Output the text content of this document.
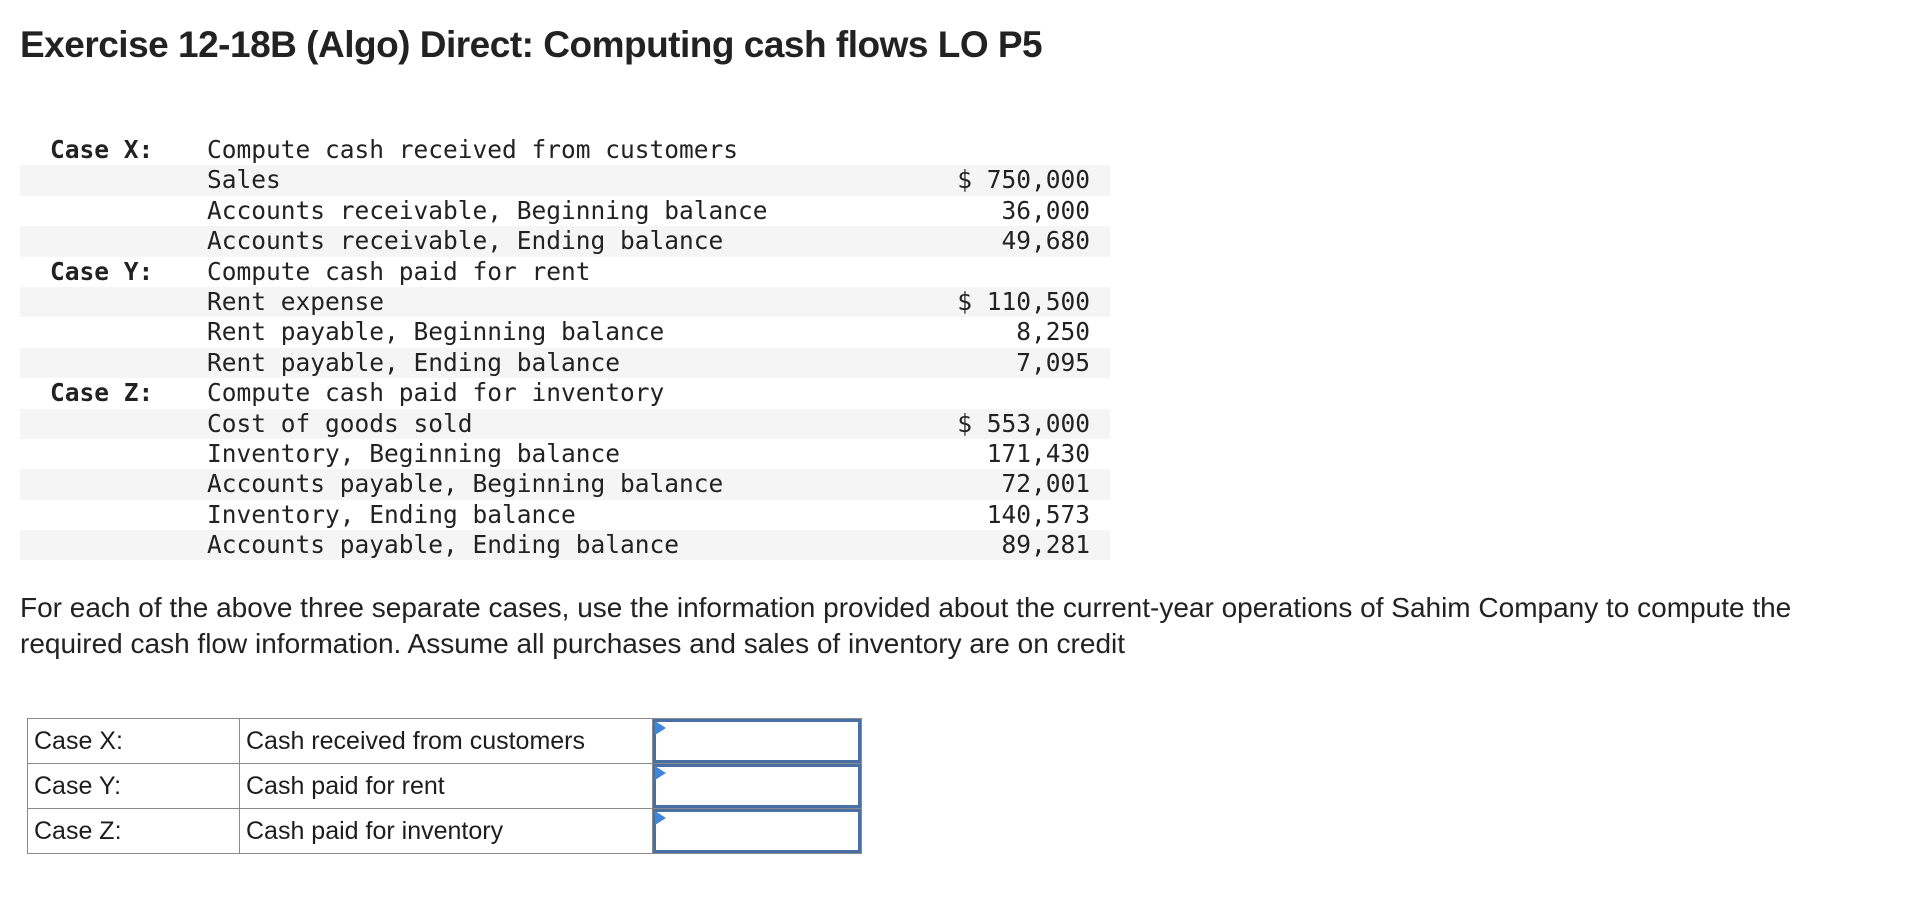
Exercise 12-18B (Algo) Direct: Computing cash flows LO P5
Case X: Compute cash received from customers
Sales	$ 750,000
Accounts receivable, Beginning balance	36,000
Accounts receivable, Ending balance	49,680
Case Y: Compute cash paid for rent
Rent expense	$ 110,500
Rent payable, Beginning balance	8,250
Rent payable, Ending balance	7,095
Case Z: Compute cash paid for inventory
Cost of goods sold	$ 553,000
Inventory, Beginning balance	171,430
Accounts payable, Beginning balance	72,001
Inventory, Ending balance	140,573
Accounts payable, Ending balance	89,281

For each of the above three separate cases, use the information provided about the current-year operations of Sahim Company to compute the required cash flow information. Assume all purchases and sales of inventory are on credit

Case X:	Cash received from customers	

Case Y:	Cash paid for rent	

Case Z:	Cash paid for inventory	
